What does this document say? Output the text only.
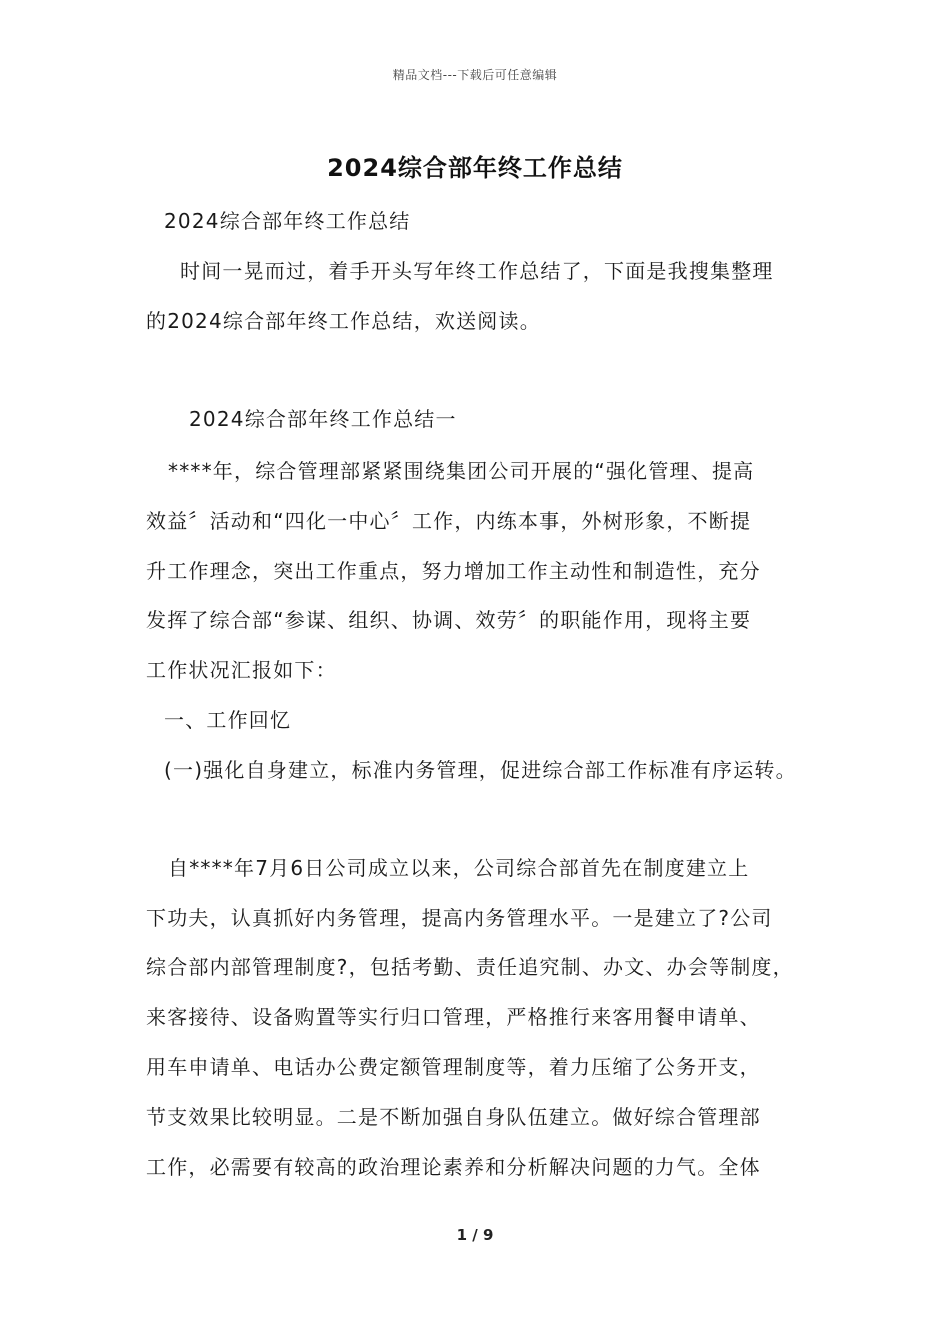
精品文档---下载后可任意编辑
2024综合部年终工作总结
2024综合部年终工作总结
时间一晃而过，着手开头写年终工作总结了，下面是我搜集整理
的2024综合部年终工作总结，欢送阅读。
2024综合部年终工作总结一
****年，综合管理部紧紧围绕集团公司开展的“强化管理、提高
效益〞活动和“四化一中心〞工作，内练本事，外树形象，不断提
升工作理念，突出工作重点，努力增加工作主动性和制造性，充分
发挥了综合部“参谋、组织、协调、效劳〞的职能作用，现将主要
工作状况汇报如下：
一、工作回忆
(一)强化自身建立，标准内务管理，促进综合部工作标准有序运转。
自****年7月6日公司成立以来，公司综合部首先在制度建立上
下功夫，认真抓好内务管理，提高内务管理水平。一是建立了?公司
综合部内部管理制度?，包括考勤、责任追究制、办文、办会等制度，
来客接待、设备购置等实行归口管理，严格推行来客用餐申请单、
用车申请单、电话办公费定额管理制度等，着力压缩了公务开支，
节支效果比较明显。二是不断加强自身队伍建立。做好综合管理部
工作，必需要有较高的政治理论素养和分析解决问题的力气。全体
1 / 9
